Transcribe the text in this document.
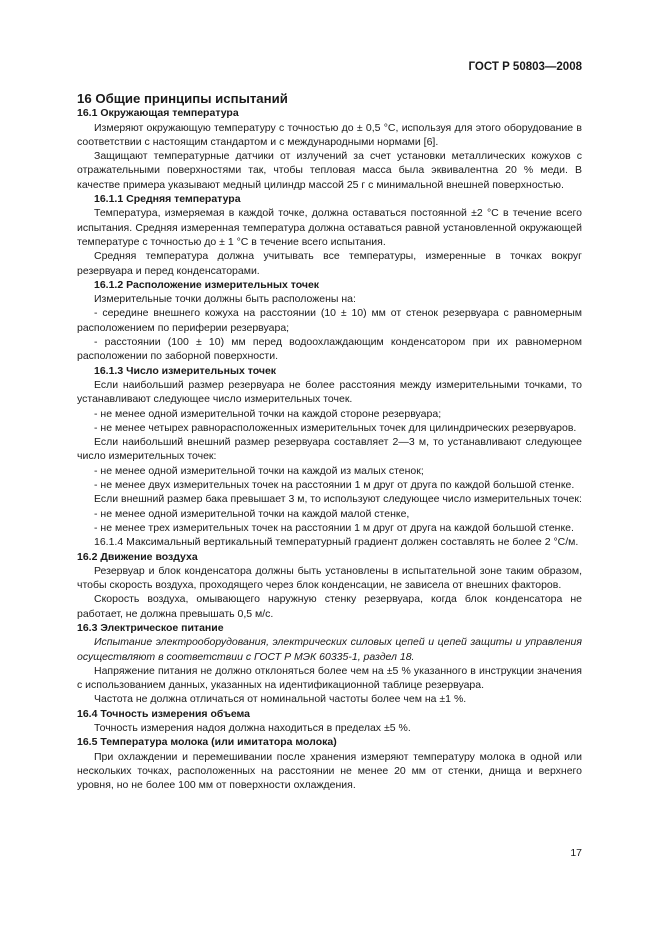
ГОСТ Р 50803—2008

16 Общие принципы испытаний

16.1 Окружающая температура

Измеряют окружающую температуру с точностью до ± 0,5 °С, используя для этого оборудование в соответствии с настоящим стандартом и с международными нормами [6].

Защищают температурные датчики от излучений за счет установки металлических кожухов с отражательными поверхностями так, чтобы тепловая масса была эквивалентна 20 % меди. В качестве примера указывают медный цилиндр массой 25 г с минимальной внешней поверхностью.

16.1.1 Средняя температура

Температура, измеряемая в каждой точке, должна оставаться постоянной ±2 °С в течение всего испытания. Средняя измеренная температура должна оставаться равной установленной окружающей температуре с точностью до ± 1 °С в течение всего испытания.

Средняя температура должна учитывать все температуры, измеренные в точках вокруг резервуара и перед конденсаторами.

16.1.2 Расположение измерительных точек

Измерительные точки должны быть расположены на:

- середине внешнего кожуха на расстоянии (10 ± 10) мм от стенок резервуара с равномерным расположением по периферии резервуара;

- расстоянии (100 ± 10) мм перед водоохлаждающим конденсатором при их равномерном расположении по заборной поверхности.

16.1.3 Число измерительных точек

Если наибольший размер резервуара не более расстояния между измерительными точками, то устанавливают следующее число измерительных точек.

- не менее одной измерительной точки на каждой стороне резервуара;

- не менее четырех равнорасположенных измерительных точек для цилиндрических резервуаров.

Если наибольший внешний размер резервуара составляет 2—3 м, то устанавливают следующее число измерительных точек:

- не менее одной измерительной точки на каждой из малых стенок;

- не менее двух измерительных точек на расстоянии 1 м друг от друга по каждой большой стенке.

Если внешний размер бака превышает 3 м, то используют следующее число измерительных точек:

- не менее одной измерительной точки на каждой малой стенке,

- не менее трех измерительных точек на расстоянии 1 м друг от друга на каждой большой стенке.

16.1.4 Максимальный вертикальный температурный градиент должен составлять не более 2 °С/м.

16.2 Движение воздуха

Резервуар и блок конденсатора должны быть установлены в испытательной зоне таким образом, чтобы скорость воздуха, проходящего через блок конденсации, не зависела от внешних факторов.

Скорость воздуха, омывающего наружную стенку резервуара, когда блок конденсатора не работает, не должна превышать 0,5 м/с.

16.3 Электрическое питание

Испытание электрооборудования, электрических силовых цепей и цепей защиты и управления осуществляют в соответствии с ГОСТ Р МЭК 60335-1, раздел 18.

Напряжение питания не должно отклоняться более чем на ±5 % указанного в инструкции значения с использованием данных, указанных на идентификационной таблице резервуара.

Частота не должна отличаться от номинальной частоты более чем на ±1 %.

16.4 Точность измерения объема

Точность измерения надоя должна находиться в пределах ±5 %.

16.5 Температура молока (или имитатора молока)

При охлаждении и перемешивании после хранения измеряют температуру молока в одной или нескольких точках, расположенных на расстоянии не менее 20 мм от стенки, днища и верхнего уровня, но не более 100 мм от поверхности охлаждения.

17
